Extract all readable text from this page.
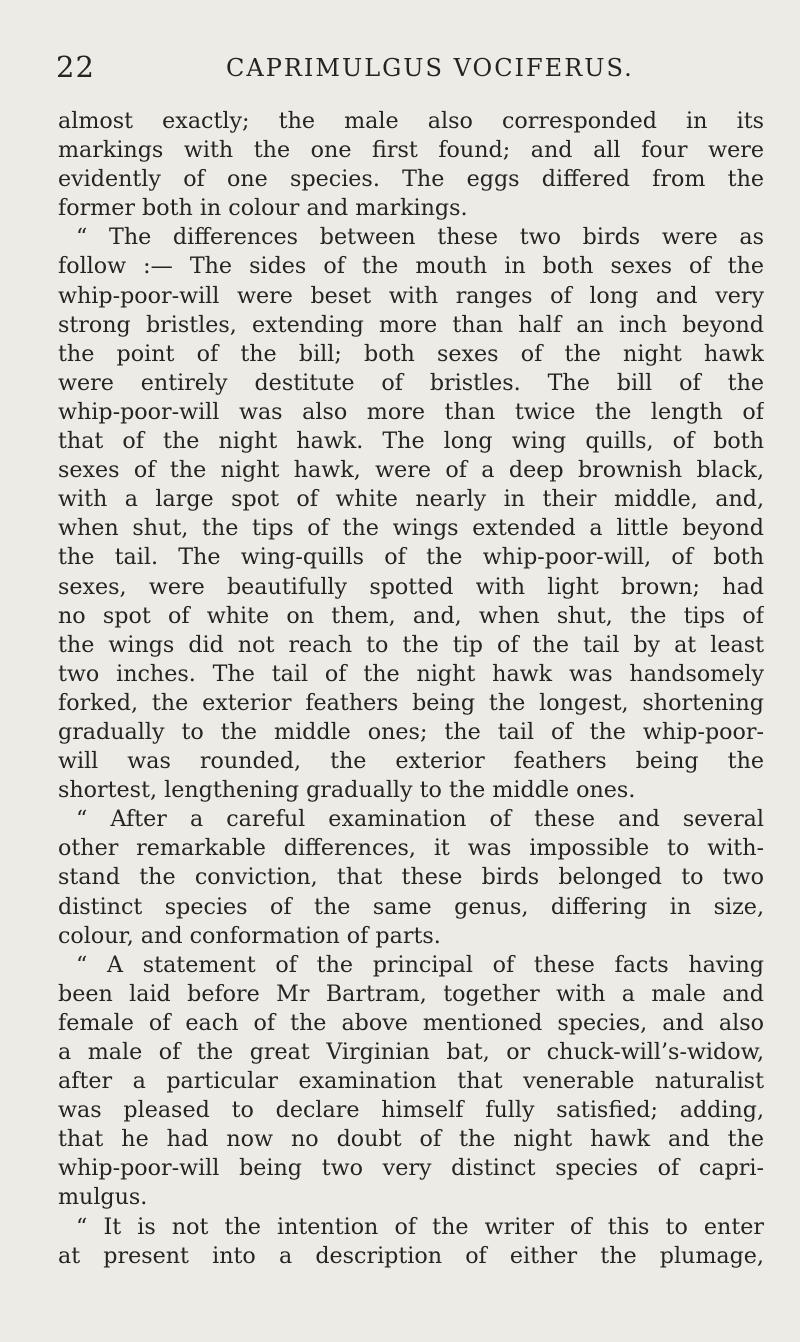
22	CAPRIMULGUS VOCIFERUS.
almost exactly; the male also corresponded in its
markings with the one first found; and all four were
evidently of one species. The eggs differed from the
former both in colour and markings.
“ The differences between these two birds were as
follow :— The sides of the mouth in both sexes of the
whip-poor-will were beset with ranges of long and very
strong bristles, extending more than half an inch beyond
the point of the bill; both sexes of the night hawk
were entirely destitute of bristles. The bill of the
whip-poor-will was also more than twice the length of
that of the night hawk. The long wing quills, of both
sexes of the night hawk, were of a deep brownish black,
with a large spot of white nearly in their middle, and,
when shut, the tips of the wings extended a little beyond
the tail. The wing-quills of the whip-poor-will, of both
sexes, were beautifully spotted with light brown; had
no spot of white on them, and, when shut, the tips of
the wings did not reach to the tip of the tail by at least
two inches. The tail of the night hawk was handsomely
forked, the exterior feathers being the longest, shortening
gradually to the middle ones; the tail of the whip-poor-
will was rounded, the exterior feathers being the
shortest, lengthening gradually to the middle ones.
“ After a careful examination of these and several
other remarkable differences, it was impossible to with-
stand the conviction, that these birds belonged to two
distinct species of the same genus, differing in size,
colour, and conformation of parts.
“ A statement of the principal of these facts having
been laid before Mr Bartram, together with a male and
female of each of the above mentioned species, and also
a male of the great Virginian bat, or chuck-will’s-widow,
after a particular examination that venerable naturalist
was pleased to declare himself fully satisfied; adding,
that he had now no doubt of the night hawk and the
whip-poor-will being two very distinct species of capri-
mulgus.
“ It is not the intention of the writer of this to enter
at present into a description of either the plumage,
